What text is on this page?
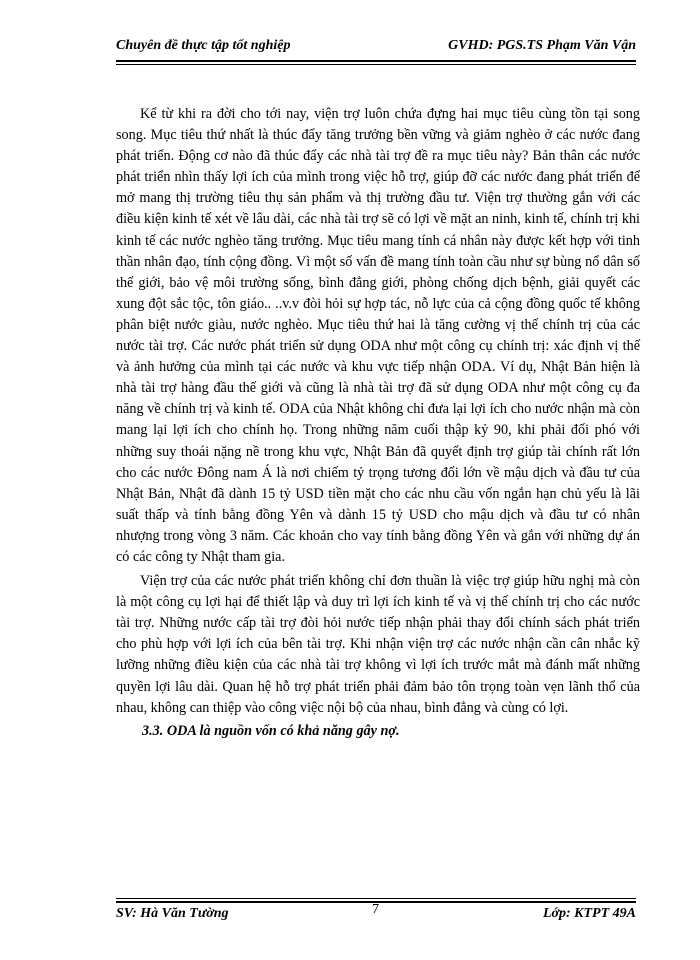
Chuyên đề thực tập tốt nghiệp	GVHD: PGS.TS Phạm Văn Vận

Kể từ khi ra đời cho tới nay, viện trợ luôn chứa đựng hai mục tiêu cùng tồn tại song song. Mục tiêu thứ nhất là thúc đẩy tăng trưởng bền vững và giảm nghèo ở các nước đang phát triển. Động cơ nào đã thúc đẩy các nhà tài trợ đề ra mục tiêu này? Bản thân các nước phát triển nhìn thấy lợi ích của mình trong việc hỗ trợ, giúp đỡ các nước đang phát triển để mở mang thị trường tiêu thụ sản phẩm và thị trường đầu tư. Viện trợ thường gắn với các điều kiện kinh tế xét về lâu dài, các nhà tài trợ sẽ có lợi về mặt an ninh, kinh tế, chính trị khi kinh tế các nước nghèo tăng trưởng. Mục tiêu mang tính cá nhân này được kết hợp với tinh thần nhân đạo, tính cộng đồng. Vì một số vấn đề mang tính toàn cầu như sự bùng nổ dân số thế giới, bảo vệ môi trường sống, bình đẳng giới, phòng chống dịch bệnh, giải quyết các xung đột sắc tộc, tôn giáo.. ..v.v đòi hỏi sự hợp tác, nỗ lực của cả cộng đồng quốc tế không phân biệt nước giàu, nước nghèo. Mục tiêu thứ hai là tăng cường vị thế chính trị của các nước tài trợ. Các nước phát triển sử dụng ODA như một công cụ chính trị: xác định vị thế và ảnh hưởng của mình tại các nước và khu vực tiếp nhận ODA. Ví dụ, Nhật Bản hiện là nhà tài trợ hàng đầu thế giới và cũng là nhà tài trợ đã sử dụng ODA như một công cụ đa năng về chính trị và kinh tế. ODA của Nhật không chỉ đưa lại lợi ích cho nước nhận mà còn mang lại lợi ích cho chính họ. Trong những năm cuối thập kỷ 90, khi phải đối phó với những suy thoái nặng nề trong khu vực, Nhật Bản đã quyết định trợ giúp tài chính rất lớn cho các nước Đông nam Á là nơi chiếm tỷ trọng tương đối lớn về mậu dịch và đầu tư của Nhật Bản, Nhật đã dành 15 tỷ USD tiền mặt cho các nhu cầu vốn ngắn hạn chủ yếu là lãi suất thấp và tính bằng đồng Yên và dành 15 tỷ USD cho mậu dịch và đầu tư có nhân nhượng trong vòng 3 năm. Các khoản cho vay tính bằng đồng Yên và gắn với những dự án có các công ty Nhật tham gia.

Viện trợ của các nước phát triển không chỉ đơn thuần là việc trợ giúp hữu nghị mà còn là một công cụ lợi hại để thiết lập và duy trì lợi ích kinh tế và vị thế chính trị cho các nước tài trợ. Những nước cấp tài trợ đòi hỏi nước tiếp nhận phải thay đổi chính sách phát triển cho phù hợp với lợi ích của bên tài trợ. Khi nhận viện trợ các nước nhận cần cân nhắc kỹ lưỡng những điều kiện của các nhà tài trợ không vì lợi ích trước mắt mà đánh mất những quyền lợi lâu dài. Quan hệ hỗ trợ phát triển phải đảm bảo tôn trọng toàn vẹn lãnh thổ của nhau, không can thiệp vào công việc nội bộ của nhau, bình đẳng và cùng có lợi.

3.3. ODA là nguồn vốn có khả năng gây nợ.
SV: Hà Văn Tường	7	Lớp: KTPT 49A
